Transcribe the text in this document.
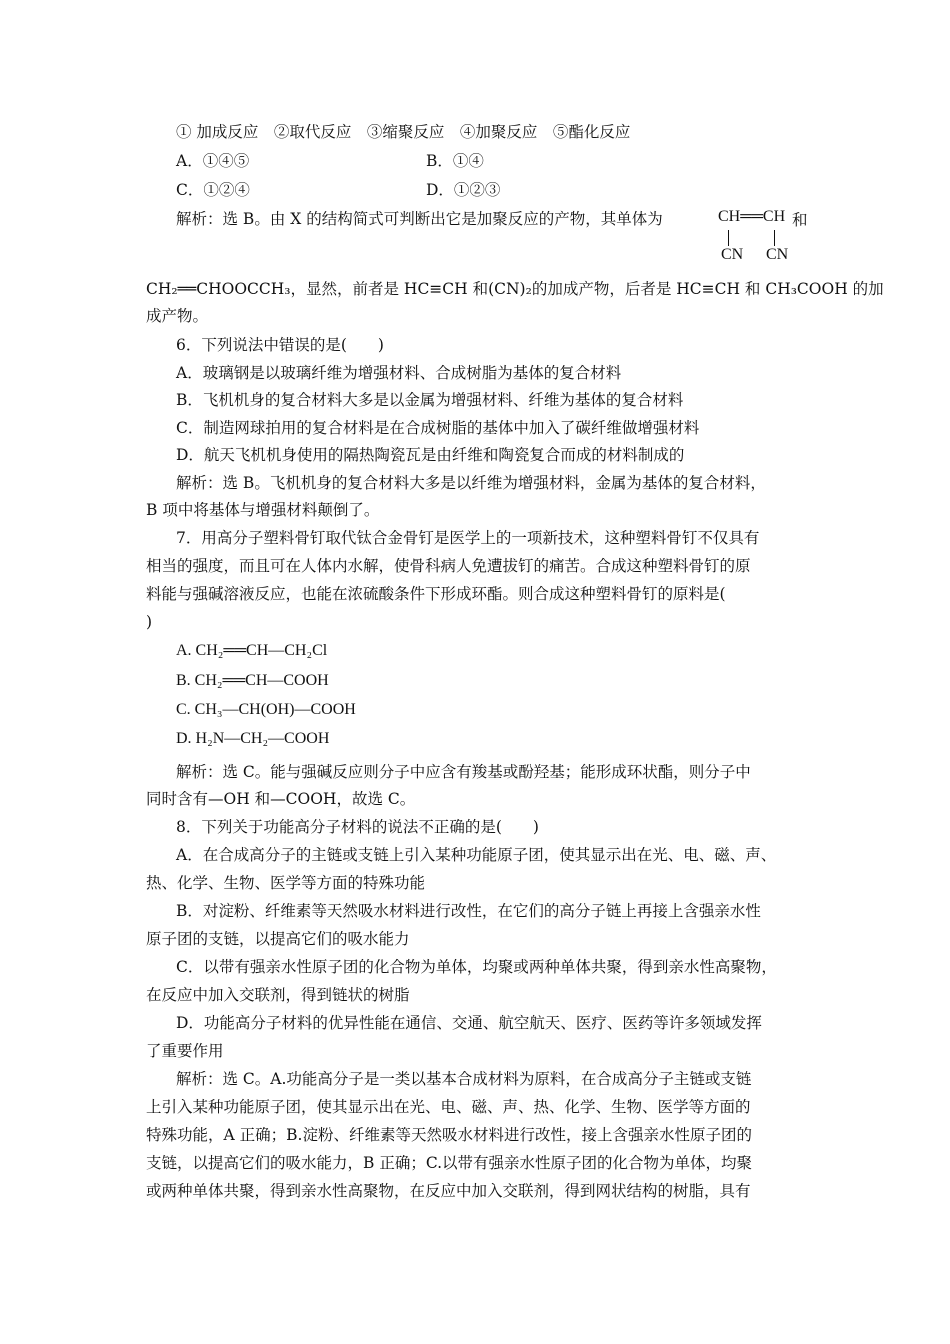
① 加成反应　②取代反应　③缩聚反应　④加聚反应　⑤酯化反应
A．①④⑤	B．①④
C．①②④	D．①②③
解析：选 B。由 X 的结构简式可判断出它是加聚反应的产物，其单体为	CH══CH
CN CN
和
CH₂══CHOOCCH₃，显然，前者是 HC≡CH 和(CN)₂的加成产物，后者是 HC≡CH 和 CH₃COOH 的加
成产物。
6．下列说法中错误的是(　　)
A．玻璃钢是以玻璃纤维为增强材料、合成树脂为基体的复合材料
B．飞机机身的复合材料大多是以金属为增强材料、纤维为基体的复合材料
C．制造网球拍用的复合材料是在合成树脂的基体中加入了碳纤维做增强材料
D．航天飞机机身使用的隔热陶瓷瓦是由纤维和陶瓷复合而成的材料制成的
解析：选 B。飞机机身的复合材料大多是以纤维为增强材料，金属为基体的复合材料，
B 项中将基体与增强材料颠倒了。
7．用高分子塑料骨钉取代钛合金骨钉是医学上的一项新技术，这种塑料骨钉不仅具有
相当的强度，而且可在人体内水解，使骨科病人免遭拔钉的痛苦。合成这种塑料骨钉的原
料能与强碱溶液反应，也能在浓硫酸条件下形成环酯。则合成这种塑料骨钉的原料是(
)
A. CH₂══CH—CH₂Cl
B. CH₂══CH—COOH
C. CH₃—CH(OH)—COOH
D. H₂N—CH₂—COOH
解析：选 C。能与强碱反应则分子中应含有羧基或酚羟基；能形成环状酯，则分子中
同时含有—OH 和—COOH，故选 C。
8．下列关于功能高分子材料的说法不正确的是(　　)
A．在合成高分子的主链或支链上引入某种功能原子团，使其显示出在光、电、磁、声、
热、化学、生物、医学等方面的特殊功能
B．对淀粉、纤维素等天然吸水材料进行改性，在它们的高分子链上再接上含强亲水性
原子团的支链，以提高它们的吸水能力
C．以带有强亲水性原子团的化合物为单体，均聚或两种单体共聚，得到亲水性高聚物，
在反应中加入交联剂，得到链状的树脂
D．功能高分子材料的优异性能在通信、交通、航空航天、医疗、医药等许多领域发挥
了重要作用
解析：选 C。A.功能高分子是一类以基本合成材料为原料，在合成高分子主链或支链
上引入某种功能原子团，使其显示出在光、电、磁、声、热、化学、生物、医学等方面的
特殊功能，A 正确；B.淀粉、纤维素等天然吸水材料进行改性，接上含强亲水性原子团的
支链，以提高它们的吸水能力，B 正确；C.以带有强亲水性原子团的化合物为单体，均聚
或两种单体共聚，得到亲水性高聚物，在反应中加入交联剂，得到网状结构的树脂，具有
